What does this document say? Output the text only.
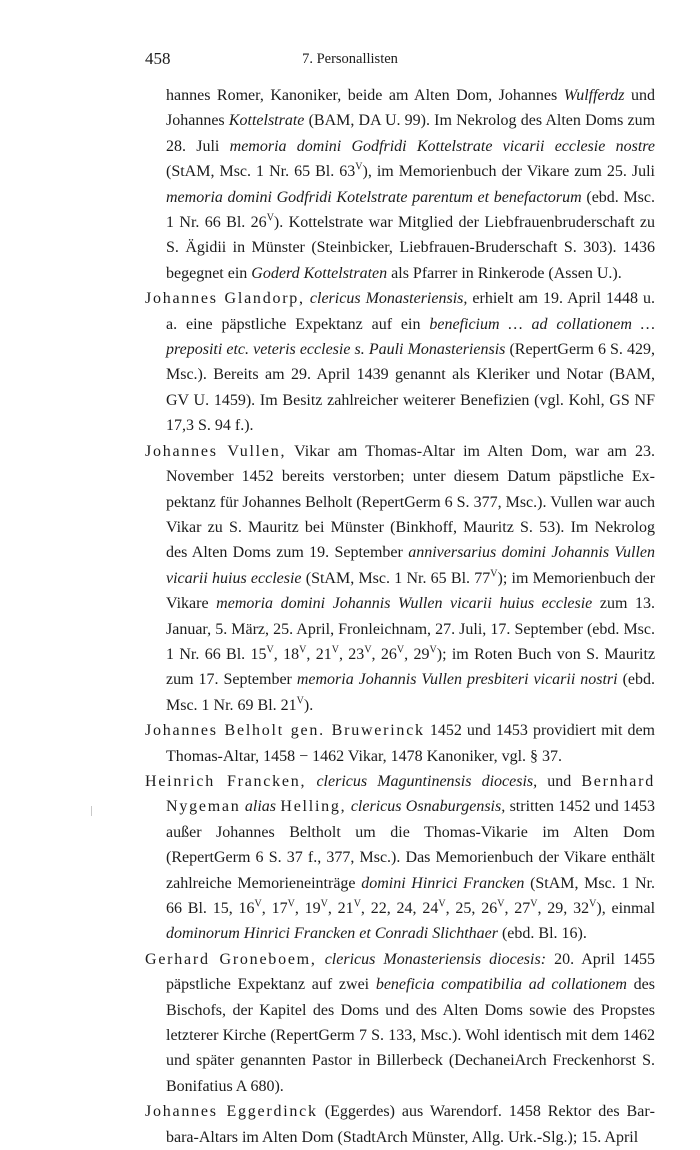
458	7. Personallisten

hannes Romer, Kanoniker, beide am Alten Dom, Johannes Wulfferdz und Johannes Kottelstrate (BAM, DA U. 99). Im Nekrolog des Alten Doms zum 28. Juli memoria domini Godfridi Kottelstrate vicarii ecclesie nostre (StAM, Msc. 1 Nr. 65 Bl. $63^V$), im Memorienbuch der Vikare zum 25. Juli memoria domini Godfridi Kotelstrate parentum et benefactorum (ebd. Msc. 1 Nr. 66 Bl. $26^V$). Kottelstrate war Mitglied der Liebfrauenbruderschaft zu S. Ägidii in Münster (Steinbicker, Liebfrauen-Bruderschaft S. 303). 1436 begegnet ein Goderd Kottelstraten als Pfarrer in Rinkerode (Assen U.).

Johannes Glandorp, clericus Monasteriensis, erhielt am 19. April 1448 u. a. eine päpstliche Expektanz auf ein beneficium … ad collationem … prepositi etc. veteris ecclesie s. Pauli Monasteriensis (RepertGerm 6 S. 429, Msc.). Bereits am 29. April 1439 genannt als Kleriker und Notar (BAM, GV U. 1459). Im Besitz zahlreicher weiterer Benefizien (vgl. Kohl, GS NF 17,3 S. 94 f.).

Johannes Vullen, Vikar am Thomas-Altar im Alten Dom, war am 23. November 1452 bereits verstorben; unter diesem Datum päpstliche Expektanz für Johannes Belholt (RepertGerm 6 S. 377, Msc.). Vullen war auch Vikar zu S. Mauritz bei Münster (Binkhoff, Mauritz S. 53). Im Nekrolog des Alten Doms zum 19. September anniversarius domini Johannis Vullen vicarii huius ecclesie (StAM, Msc. 1 Nr. 65 Bl. $77^V$); im Memorienbuch der Vikare memoria domini Johannis Wullen vicarii huius ecclesie zum 13. Januar, 5. März, 25. April, Fronleichnam, 27. Juli, 17. September (ebd. Msc. 1 Nr. 66 Bl. $15^V$, $18^V$, $21^V$, $23^V$, $26^V$, $29^V$); im Roten Buch von S. Mauritz zum 17. September memoria Johannis Vullen presbiteri vicarii nostri (ebd. Msc. 1 Nr. 69 Bl. $21^V$).

Johannes Belholt gen. Bruwerinck 1452 und 1453 providiert mit dem Thomas-Altar, 1458 − 1462 Vikar, 1478 Kanoniker, vgl. § 37.

Heinrich Francken, clericus Maguntinensis diocesis, und Bernhard Nygeman alias Helling, clericus Osnaburgensis, stritten 1452 und 1453 außer Johannes Beltholt um die Thomas-Vikarie im Alten Dom (RepertGerm 6 S. 37 f., 377, Msc.). Das Memorienbuch der Vikare enthält zahlreiche Memorieneinträge domini Hinrici Francken (StAM, Msc. 1 Nr. 66 Bl. 15, $16^V$, $17^V$, $19^V$, $21^V$, 22, 24, $24^V$, 25, $26^V$, $27^V$, 29, $32^V$), einmal dominorum Hinrici Francken et Conradi Slichthaer (ebd. Bl. 16).

Gerhard Groneboem, clericus Monasteriensis diocesis: 20. April 1455 päpstliche Expektanz auf zwei beneficia compatibilia ad collationem des Bischofs, der Kapitel des Doms und des Alten Doms sowie des Propstes letzterer Kirche (RepertGerm 7 S. 133, Msc.). Wohl identisch mit dem 1462 und später genannten Pastor in Billerbeck (DechaneiArch Freckenhorst S. Bonifatius A 680).

Johannes Eggerdinck (Eggerdes) aus Warendorf. 1458 Rektor des Barbara-Altars im Alten Dom (StadtArch Münster, Allg. Urk.-Slg.); 15. April
